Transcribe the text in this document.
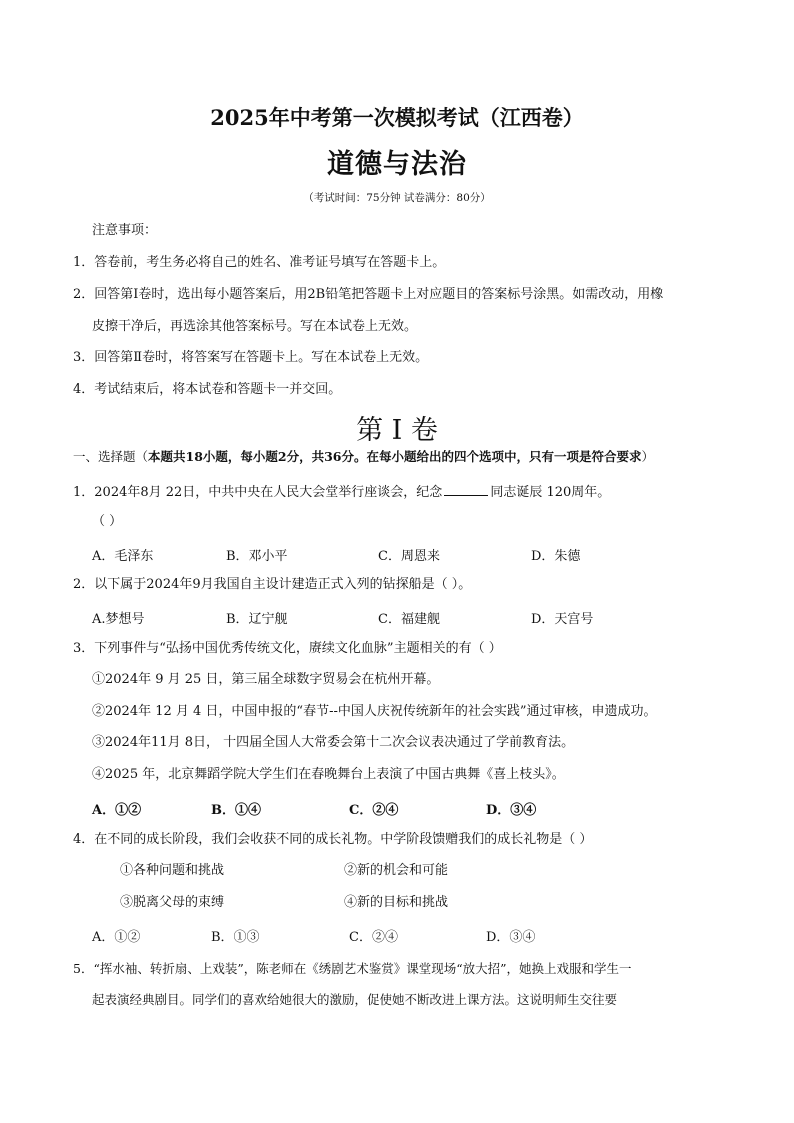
2025年中考第一次模拟考试（江西卷）
道德与法治
（考试时间：75分钟 试卷满分：80分）
注意事项：
1．答卷前，考生务必将自己的姓名、准考证号填写在答题卡上。
2．回答第Ⅰ卷时，选出每小题答案后，用2B铅笔把答题卡上对应题目的答案标号涂黑。如需改动，用橡
皮擦干净后，再选涂其他答案标号。写在本试卷上无效。
3．回答第Ⅱ卷时，将答案写在答题卡上。写在本试卷上无效。
4．考试结束后，将本试卷和答题卡一并交回。
第 I 卷
一、选择题（本题共18小题，每小题2分，共36分。在每小题给出的四个选项中，只有一项是符合要求）
1．2024年8月 22日，中共中央在人民大会堂举行座谈会，纪念	同志诞辰 120周年。
（ ）
A．毛泽东	B．邓小平	C．周恩来	D．朱德
2．以下属于2024年9月我国自主设计建造正式入列的钻探船是（ ）。
A.梦想号	B．辽宁舰	C．福建舰	D．天宫号
3．下列事件与“弘扬中国优秀传统文化，赓续文化血脉”主题相关的有（ ）
①2024年 9 月 25 日，第三届全球数字贸易会在杭州开幕。
②2024年 12 月 4 日，中国申报的“春节--中国人庆祝传统新年的社会实践”通过审核，申遗成功。
③2024年11月 8日， 十四届全国人大常委会第十二次会议表决通过了学前教育法。
④2025 年，北京舞蹈学院大学生们在春晚舞台上表演了中国古典舞《喜上枝头》。
A．①②	B．①④	C．②④	D．③④
4．在不同的成长阶段，我们会收获不同的成长礼物。中学阶段馈赠我们的成长礼物是（ ）
①各种问题和挑战	②新的机会和可能
③脱离父母的束缚	④新的目标和挑战
A．①②	B．①③	C．②④	D．③④
5．“挥水袖、转折扇、上戏装”，陈老师在《绣剧艺术鉴赏》课堂现场“放大招”，她换上戏服和学生一
起表演经典剧目。同学们的喜欢给她很大的激励，促使她不断改进上课方法。这说明师生交往要
